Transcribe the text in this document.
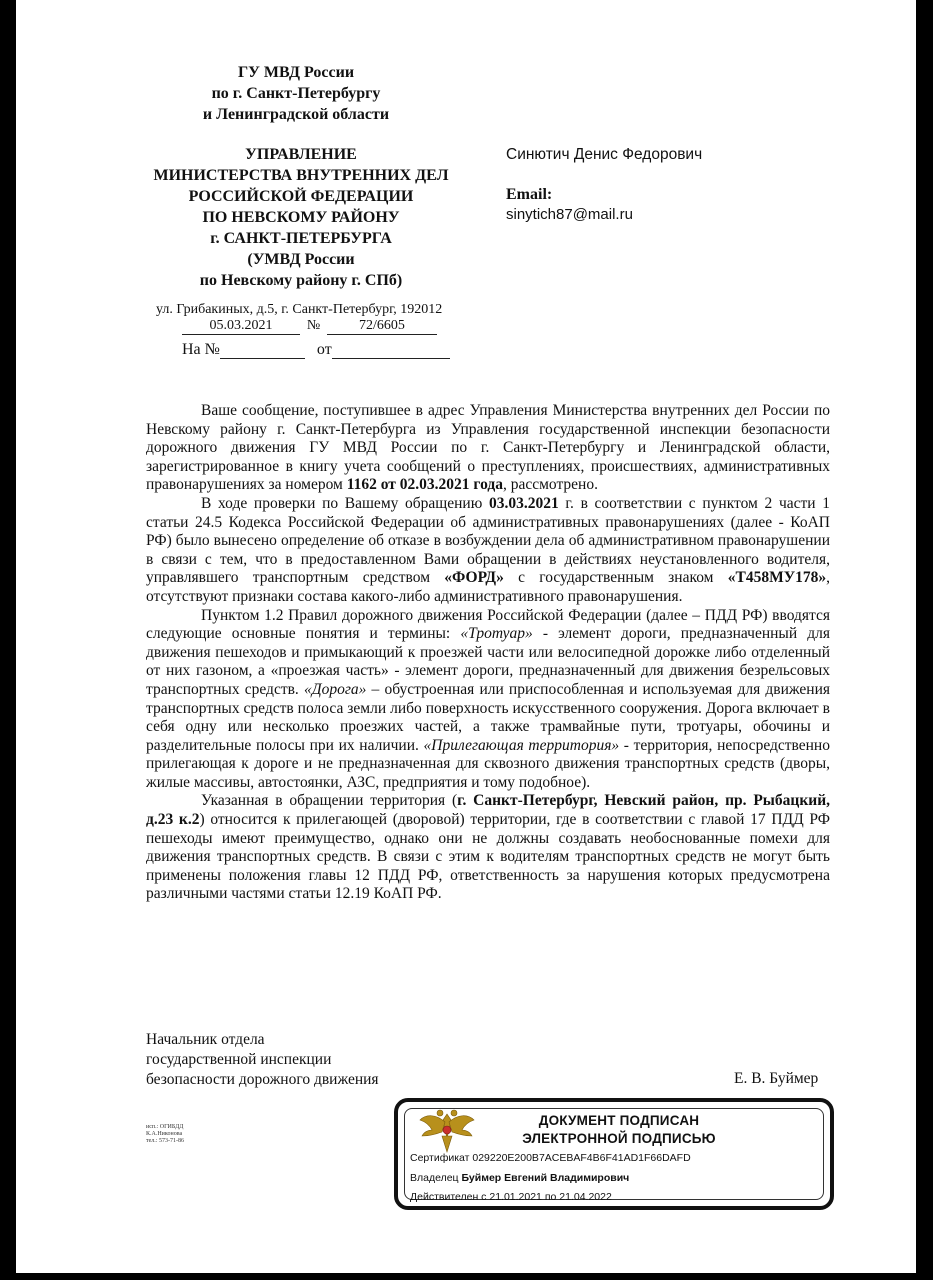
ГУ МВД России
по г. Санкт-Петербургу
и Ленинградской области
УПРАВЛЕНИЕ
МИНИСТЕРСТВА ВНУТРЕННИХ ДЕЛ
РОССИЙСКОЙ ФЕДЕРАЦИИ
ПО НЕВСКОМУ РАЙОНУ
г. САНКТ-ПЕТЕРБУРГА
(УМВД России
по Невскому району г. СПб)
ул. Грибакиных, д.5, г. Санкт-Петербург, 192012
05.03.2021 №	72/6605
На №	от
Синютич Денис Федорович
Email:
sinytich87@mail.ru

Ваше сообщение, поступившее в адрес Управления Министерства внутренних дел России по Невскому району г. Санкт-Петербурга из Управления государственной инспекции безопасности дорожного движения ГУ МВД России по г. Санкт-Петербургу и Ленинградской области, зарегистрированное в книгу учета сообщений о преступлениях, происшествиях, административных правонарушениях за номером 1162 от 02.03.2021 года, рассмотрено.

В ходе проверки по Вашему обращению 03.03.2021 г. в соответствии с пунктом 2 части 1 статьи 24.5 Кодекса Российской Федерации об административных правонарушениях (далее - КоАП РФ) было вынесено определение об отказе в возбуждении дела об административном правонарушении в связи с тем, что в предоставленном Вами обращении в действиях неустановленного водителя, управлявшего транспортным средством «ФОРД» с государственным знаком «Т458МУ178», отсутствуют признаки состава какого-либо административного правонарушения.

Пунктом 1.2 Правил дорожного движения Российской Федерации (далее – ПДД РФ) вводятся следующие основные понятия и термины: «Тротуар» - элемент дороги, предназначенный для движения пешеходов и примыкающий к проезжей части или велосипедной дорожке либо отделенный от них газоном, а «проезжая часть» - элемент дороги, предназначенный для движения безрельсовых транспортных средств. «Дорога» – обустроенная или приспособленная и используемая для движения транспортных средств полоса земли либо поверхность искусственного сооружения. Дорога включает в себя одну или несколько проезжих частей, а также трамвайные пути, тротуары, обочины и разделительные полосы при их наличии. «Прилегающая территория» - территория, непосредственно прилегающая к дороге и не предназначенная для сквозного движения транспортных средств (дворы, жилые массивы, автостоянки, АЗС, предприятия и тому подобное).

Указанная в обращении территория (г. Санкт-Петербург, Невский район, пр. Рыбацкий, д.23 к.2) относится к прилегающей (дворовой) территории, где в соответствии с главой 17 ПДД РФ пешеходы имеют преимущество, однако они не должны создавать необоснованные помехи для движения транспортных средств. В связи с этим к водителям транспортных средств не могут быть применены положения главы 12 ПДД РФ, ответственность за нарушения которых предусмотрена различными частями статьи 12.19 КоАП РФ.

Начальник отдела
государственной инспекции
безопасности дорожного движения	Е. В. Буймер
исп.: ОГИБДД
К.А.Никонова
тел.: 573-71-86
ДОКУМЕНТ ПОДПИСАН
ЭЛЕКТРОННОЙ ПОДПИСЬЮ
Сертификат 029220E200B7ACEBAF4B6F41AD1F66DAFD
Владелец Буймер Евгений Владимирович
Действителен с 21.01.2021 по 21.04.2022
